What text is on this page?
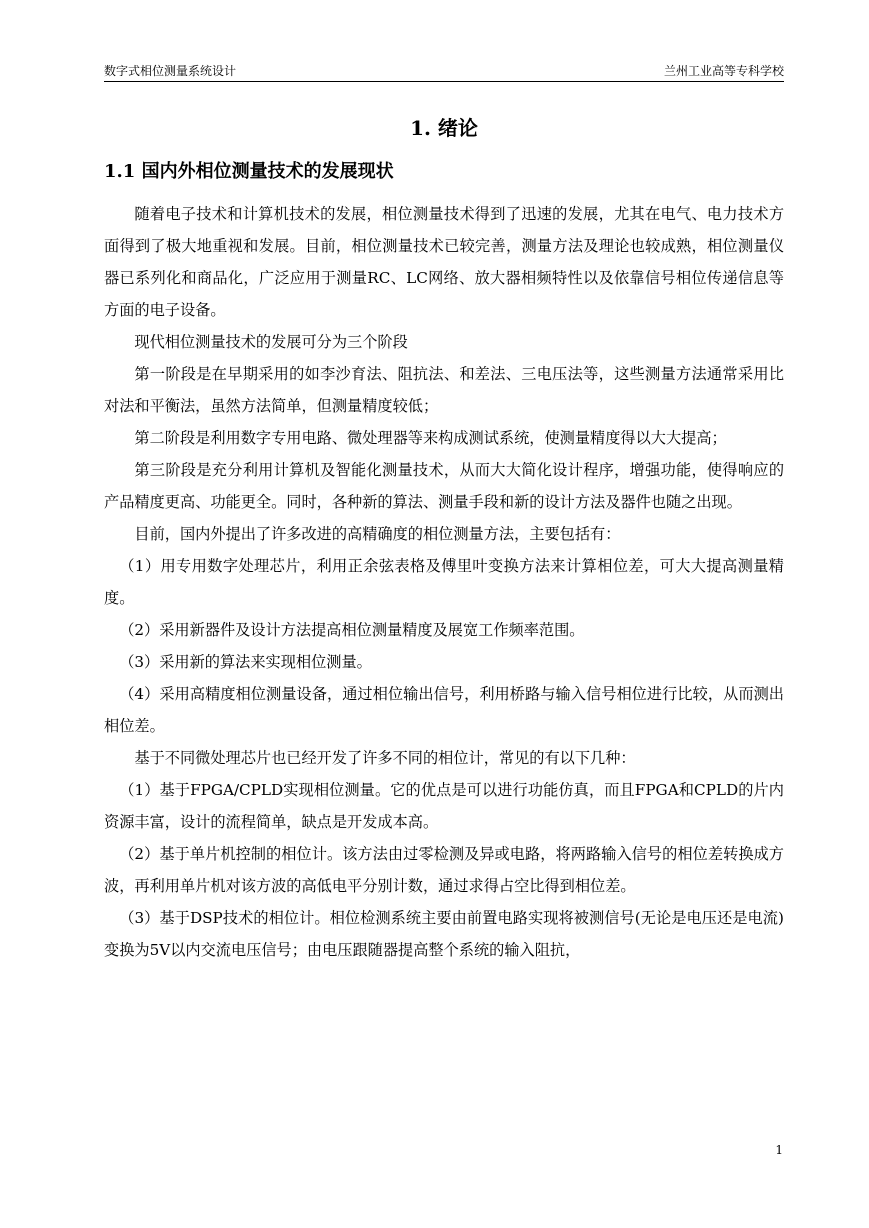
数字式相位测量系统设计	兰州工业高等专科学校
1. 绪论
1.1 国内外相位测量技术的发展现状

随着电子技术和计算机技术的发展，相位测量技术得到了迅速的发展，尤其在电气、电力技术方面得到了极大地重视和发展。目前，相位测量技术已较完善，测量方法及理论也较成熟，相位测量仪器已系列化和商品化，广泛应用于测量RC、LC网络、放大器相频特性以及依靠信号相位传递信息等方面的电子设备。

现代相位测量技术的发展可分为三个阶段

第一阶段是在早期采用的如李沙育法、阻抗法、和差法、三电压法等，这些测量方法通常采用比对法和平衡法，虽然方法简单，但测量精度较低；

第二阶段是利用数字专用电路、微处理器等来构成测试系统，使测量精度得以大大提高；

第三阶段是充分利用计算机及智能化测量技术，从而大大简化设计程序，增强功能，使得响应的产品精度更高、功能更全。同时，各种新的算法、测量手段和新的设计方法及器件也随之出现。

目前，国内外提出了许多改进的高精确度的相位测量方法，主要包括有：

（1）用专用数字处理芯片，利用正余弦表格及傅里叶变换方法来计算相位差，可大大提高测量精度。

（2）采用新器件及设计方法提高相位测量精度及展宽工作频率范围。

（3）采用新的算法来实现相位测量。

（4）采用高精度相位测量设备，通过相位输出信号，利用桥路与输入信号相位进行比较，从而测出相位差。

基于不同微处理芯片也已经开发了许多不同的相位计，常见的有以下几种：

（1）基于FPGA/CPLD实现相位测量。它的优点是可以进行功能仿真，而且FPGA和CPLD的片内资源丰富，设计的流程简单，缺点是开发成本高。

（2）基于单片机控制的相位计。该方法由过零检测及异或电路，将两路输入信号的相位差转换成方波，再利用单片机对该方波的高低电平分别计数，通过求得占空比得到相位差。

（3）基于DSP技术的相位计。相位检测系统主要由前置电路实现将被测信号(无论是电压还是电流) 变换为5V以内交流电压信号；由电压跟随器提高整个系统的输入阻抗，

1
